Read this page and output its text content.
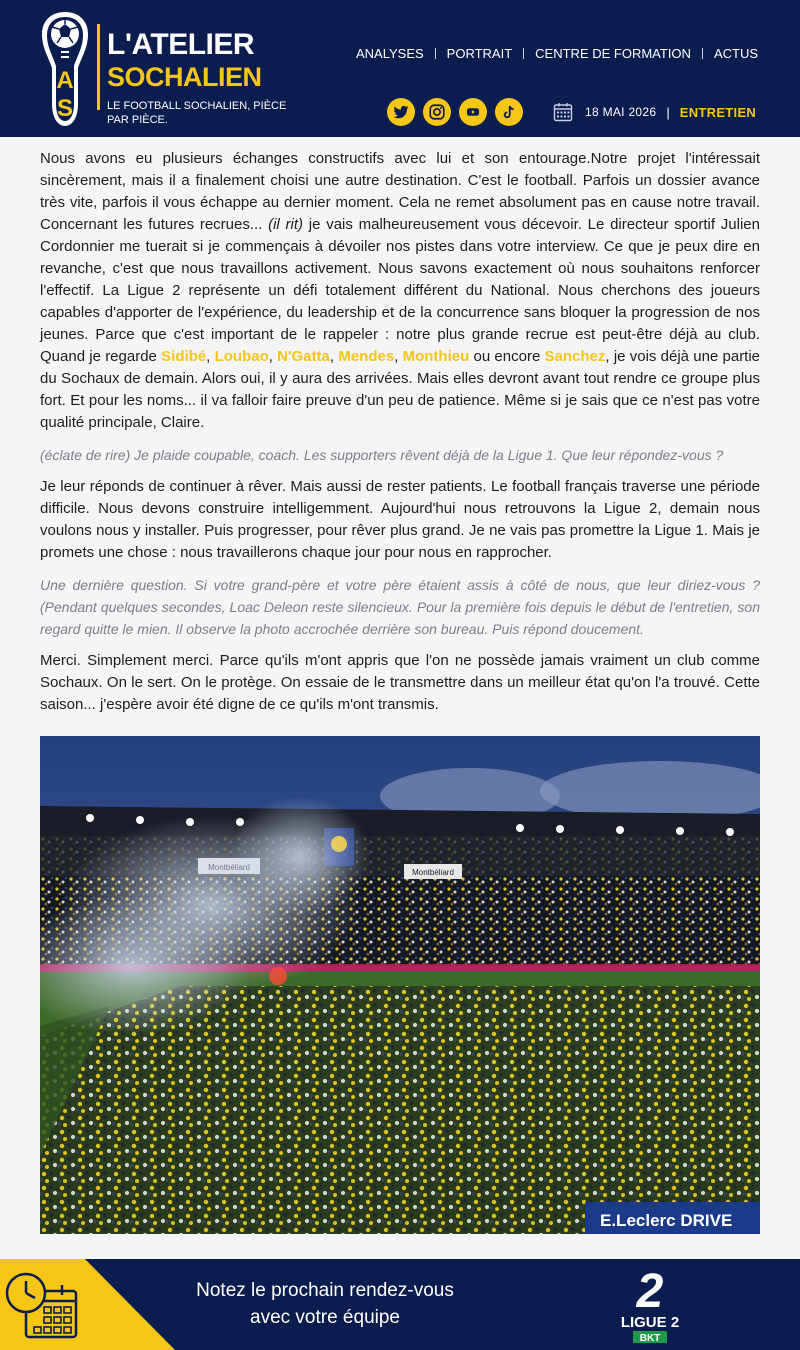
A
S
L'ATELIER
SOCHALIEN
LE FOOTBALL SOCHALIEN, PIÈCE PAR PIÈCE.
ANALYSES	PORTRAIT	CENTRE DE FORMATION	ACTUS
18 MAI 2026 | ENTRETIEN

Nous avons eu plusieurs échanges constructifs avec lui et son entourage.Notre projet l'intéressait sincèrement, mais il a finalement choisi une autre destination. C'est le football. Parfois un dossier avance très vite, parfois il vous échappe au dernier moment. Cela ne remet absolument pas en cause notre travail. Concernant les futures recrues... (il rit) je vais malheureusement vous décevoir. Le directeur sportif Julien Cordonnier me tuerait si je commençais à dévoiler nos pistes dans votre interview. Ce que je peux dire en revanche, c'est que nous travaillons activement. Nous savons exactement où nous souhaitons renforcer l'effectif. La Ligue 2 représente un défi totalement différent du National. Nous cherchons des joueurs capables d'apporter de l'expérience, du leadership et de la concurrence sans bloquer la progression de nos jeunes. Parce que c'est important de le rappeler : notre plus grande recrue est peut-être déjà au club. Quand je regarde Sidibé, Loubao, N'Gatta, Mendes, Monthieu ou encore Sanchez, je vois déjà une partie du Sochaux de demain. Alors oui, il y aura des arrivées. Mais elles devront avant tout rendre ce groupe plus fort. Et pour les noms... il va falloir faire preuve d'un peu de patience. Même si je sais que ce n'est pas votre qualité principale, Claire.

(éclate de rire) Je plaide coupable, coach. Les supporters rêvent déjà de la Ligue 1. Que leur répondez-vous ?

Je leur réponds de continuer à rêver. Mais aussi de rester patients. Le football français traverse une période difficile. Nous devons construire intelligemment. Aujourd'hui nous retrouvons la Ligue 2, demain nous voulons nous y installer. Puis progresser, pour rêver plus grand. Je ne vais pas promettre la Ligue 1. Mais je promets une chose : nous travaillerons chaque jour pour nous en rapprocher.

Une dernière question. Si votre grand-père et votre père étaient assis à côté de nous, que leur diriez-vous ? (Pendant quelques secondes, Loac Deleon reste silencieux. Pour la première fois depuis le début de l'entretien, son regard quitte le mien. Il observe la photo accrochée derrière son bureau. Puis répond doucement.

Merci. Simplement merci. Parce qu'ils m'ont appris que l'on ne possède jamais vraiment un club comme Sochaux. On le sert. On le protège. On essaie de le transmettre dans un meilleur état qu'on l'a trouvé. Cette saison... j'espère avoir été digne de ce qu'ils m'ont transmis.

Montbéliard
E.Leclerc DRIVE
Notez le prochain rendez-vous
avec votre équipe	2
LIGUE 2
BKT
